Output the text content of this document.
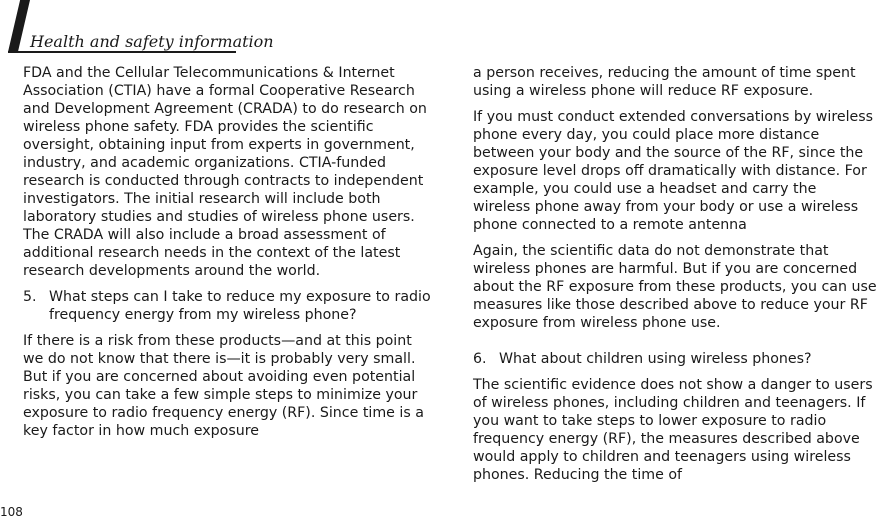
Health and safety information

FDA and the Cellular Telecommunications & Internet Association (CTIA) have a formal Cooperative Research and Development Agreement (CRADA) to do research on wireless phone safety. FDA provides the scientific oversight, obtaining input from experts in government, industry, and academic organizations. CTIA-funded research is conducted through contracts to independent investigators. The initial research will include both laboratory studies and studies of wireless phone users. The CRADA will also include a broad assessment of additional research needs in the context of the latest research developments around the world.

5. What steps can I take to reduce my exposure to radio frequency energy from my wireless phone?

If there is a risk from these products—and at this point we do not know that there is—it is probably very small. But if you are concerned about avoiding even potential risks, you can take a few simple steps to minimize your exposure to radio frequency energy (RF). Since time is a key factor in how much exposure

a person receives, reducing the amount of time spent using a wireless phone will reduce RF exposure.

If you must conduct extended conversations by wireless phone every day, you could place more distance between your body and the source of the RF, since the exposure level drops off dramatically with distance. For example, you could use a headset and carry the wireless phone away from your body or use a wireless phone connected to a remote antenna

Again, the scientific data do not demonstrate that wireless phones are harmful. But if you are concerned about the RF exposure from these products, you can use measures like those described above to reduce your RF exposure from wireless phone use.

6. What about children using wireless phones?

The scientific evidence does not show a danger to users of wireless phones, including children and teenagers. If you want to take steps to lower exposure to radio frequency energy (RF), the measures described above would apply to children and teenagers using wireless phones. Reducing the time of

108
